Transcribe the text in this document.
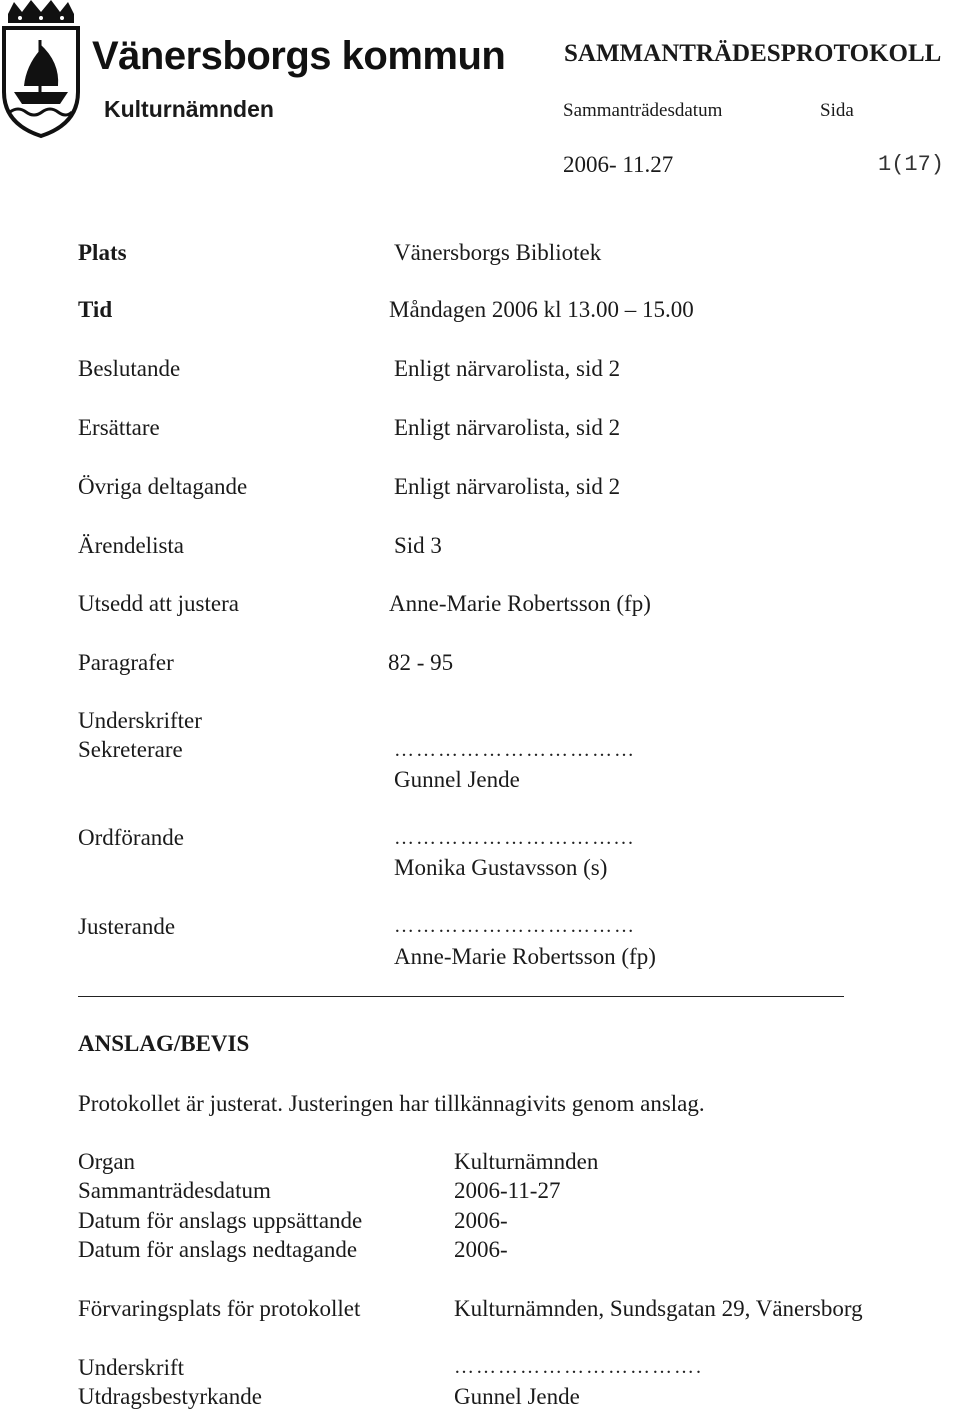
Vänersborgs kommun SAMMANTRÄDESPROTOKOLL
Kulturnämnden	Sammanträdesdatum	Sida
2006- 11.27	1(17)
Plats	Vänersborgs Bibliotek
Tid	Måndagen 2006 kl 13.00 – 15.00
Beslutande	Enligt närvarolista, sid 2
Ersättare	Enligt närvarolista, sid 2
Övriga deltagande	Enligt närvarolista, sid 2
Ärendelista	Sid 3
Utsedd att justera	Anne-Marie Robertsson (fp)
Paragrafer	82 - 95
Underskrifter
Sekreterare	……………………………
Gunnel Jende
Ordförande	…………………………...
Monika Gustavsson (s)
Justerande	……………………………
Anne-Marie Robertsson (fp)
ANSLAG/BEVIS
Protokollet är justerat. Justeringen har tillkännagivits genom anslag.
Organ	Kulturnämnden
Sammanträdesdatum	2006-11-27
Datum för anslags uppsättande	2006-
Datum för anslags nedtagande	2006-
Förvaringsplats för protokollet	Kulturnämnden, Sundsgatan 29, Vänersborg
Underskrift	…………………………….
Utdragsbestyrkande	Gunnel Jende
